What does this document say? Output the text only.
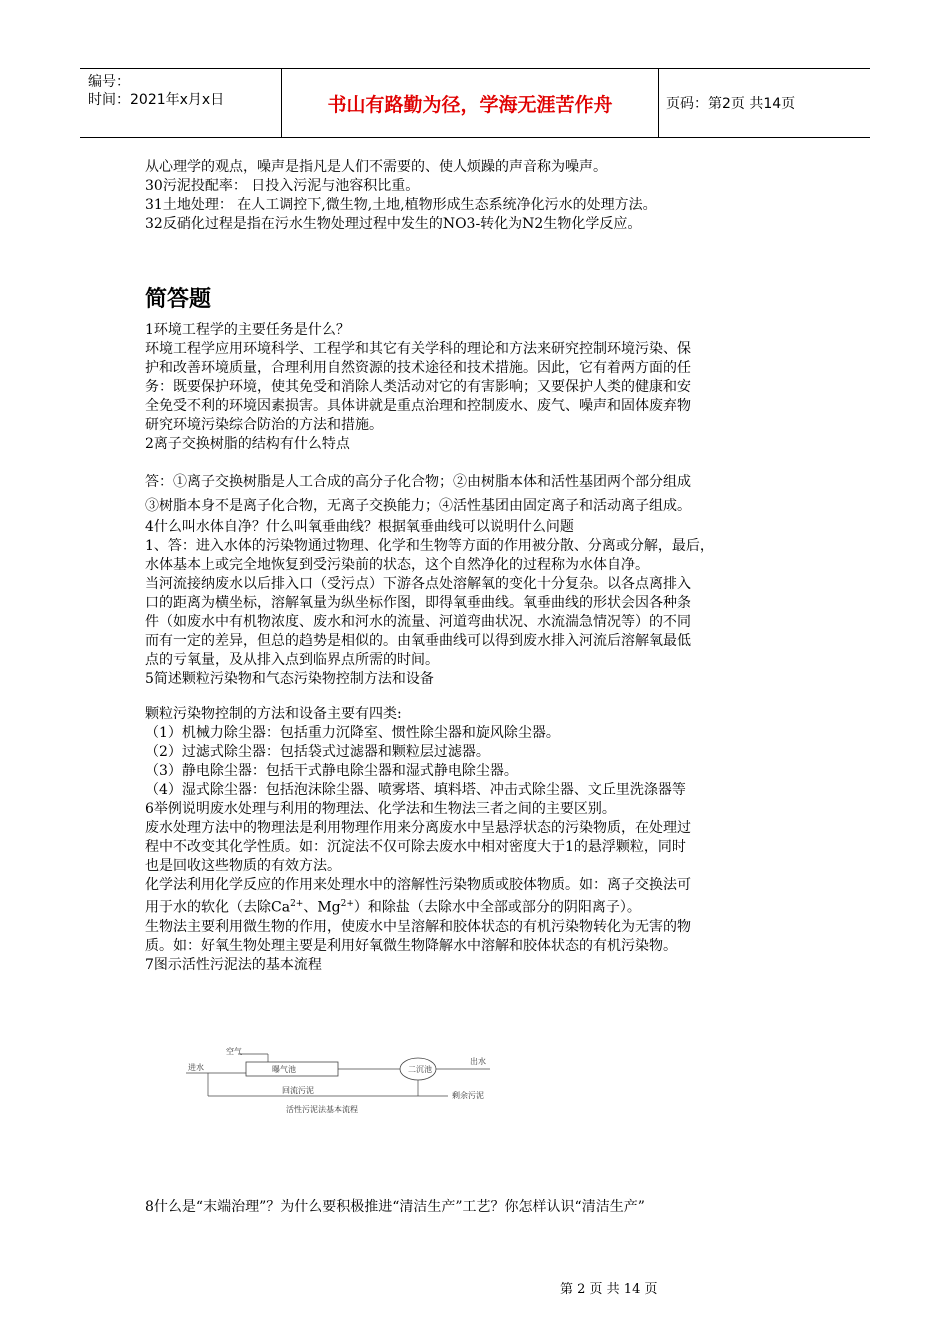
编号：
时间：2021年x月x日	书山有路勤为径，学海无涯苦作舟	页码：第2页 共14页
从心理学的观点，噪声是指凡是人们不需要的、使人烦躁的声音称为噪声。
30污泥投配率： 日投入污泥与池容积比重。
31土地处理： 在人工调控下,微生物,土地,植物形成生态系统净化污水的处理方法。
32反硝化过程是指在污水生物处理过程中发生的NO3-转化为N2生物化学反应。
简答题
1环境工程学的主要任务是什么？
环境工程学应用环境科学、工程学和其它有关学科的理论和方法来研究控制环境污染、保
护和改善环境质量，合理利用自然资源的技术途径和技术措施。因此，它有着两方面的任
务：既要保护环境，使其免受和消除人类活动对它的有害影响；又要保护人类的健康和安
全免受不利的环境因素损害。具体讲就是重点治理和控制废水、废气、噪声和固体废弃物
研究环境污染综合防治的方法和措施。
2离子交换树脂的结构有什么特点
答：①离子交换树脂是人工合成的高分子化合物；②由树脂本体和活性基团两个部分组成
③树脂本身不是离子化合物，无离子交换能力；④活性基团由固定离子和活动离子组成。
4什么叫水体自净？什么叫氧垂曲线？根据氧垂曲线可以说明什么问题
1、答：进入水体的污染物通过物理、化学和生物等方面的作用被分散、分离或分解，最后，
水体基本上或完全地恢复到受污染前的状态，这个自然净化的过程称为水体自净。
当河流接纳废水以后排入口（受污点）下游各点处溶解氧的变化十分复杂。以各点离排入
口的距离为横坐标，溶解氧量为纵坐标作图，即得氧垂曲线。氧垂曲线的形状会因各种条
件（如废水中有机物浓度、废水和河水的流量、河道弯曲状况、水流湍急情况等）的不同
而有一定的差异，但总的趋势是相似的。由氧垂曲线可以得到废水排入河流后溶解氧最低
点的亏氧量，及从排入点到临界点所需的时间。
5简述颗粒污染物和气态污染物控制方法和设备
颗粒污染物控制的方法和设备主要有四类:
（1）机械力除尘器：包括重力沉降室、惯性除尘器和旋风除尘器。
（2）过滤式除尘器：包括袋式过滤器和颗粒层过滤器。
（3）静电除尘器：包括干式静电除尘器和湿式静电除尘器。
（4）湿式除尘器：包括泡沫除尘器、喷雾塔、填料塔、冲击式除尘器、文丘里洗涤器等
6举例说明废水处理与利用的物理法、化学法和生物法三者之间的主要区别。
废水处理方法中的物理法是利用物理作用来分离废水中呈悬浮状态的污染物质，在处理过
程中不改变其化学性质。如：沉淀法不仅可除去废水中相对密度大于1的悬浮颗粒，同时
也是回收这些物质的有效方法。
化学法利用化学反应的作用来处理水中的溶解性污染物质或胶体物质。如：离子交换法可
用于水的软化（去除$Ca^{2+}$、$Mg^{2+}$）和除盐（去除水中全部或部分的阴阳离子）。
生物法主要利用微生物的作用，使废水中呈溶解和胶体状态的有机污染物转化为无害的物
质。如：好氧生物处理主要是利用好氧微生物降解水中溶解和胶体状态的有机污染物。
7图示活性污泥法的基本流程
曝气池
空气
进水	二沉池
出水
回流污泥
剩余污泥
活性污泥法基本流程
8什么是“末端治理”？为什么要积极推进“清洁生产”工艺？你怎样认识“清洁生产”
第 2 页 共 14 页
